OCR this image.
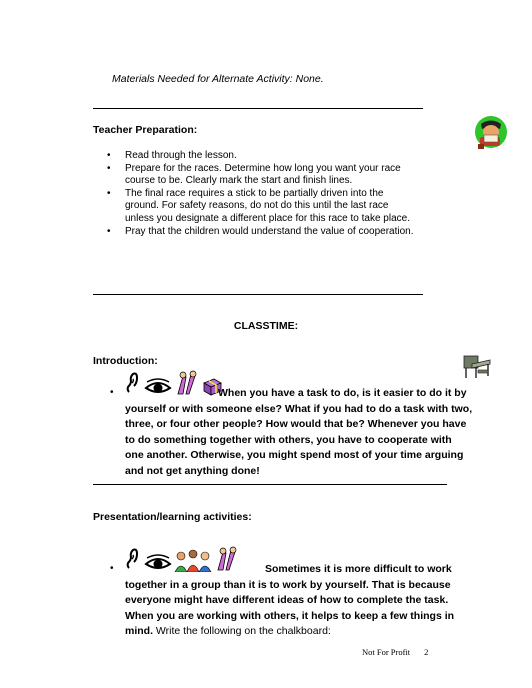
Materials Needed for Alternate Activity: None.
Teacher Preparation:
• Read through the lesson.
• Prepare for the races. Determine how long you want your race course to be. Clearly mark the start and finish lines.
• The final race requires a stick to be partially driven into the ground. For safety reasons, do not do this until the last race unless you designate a different place for this race to take place.
• Pray that the children would understand the value of cooperation.
CLASSTIME:
Introduction:
•	When you have a task to do, is it easier to do it by yourself or with someone else? What if you had to do a task with two, three, or four other people? How would that be? Whenever you have to do something together with others, you have to cooperate with one another. Otherwise, you might spend most of your time arguing and not get anything done!
Presentation/learning activities:
•	Sometimes it is more difficult to work together in a group than it is to work by yourself. That is because everyone might have different ideas of how to complete the task. When you are working with others, it helps to keep a few things in mind. Write the following on the chalkboard:
Not For Profit 2
